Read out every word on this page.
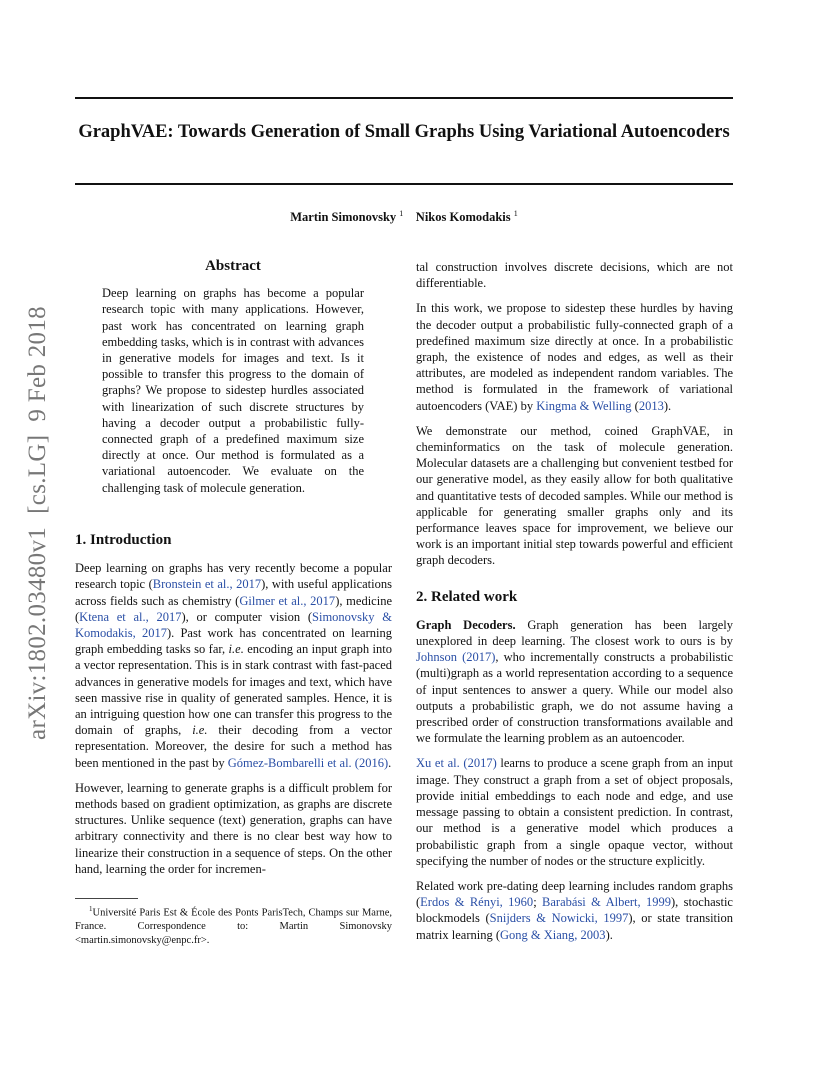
GraphVAE: Towards Generation of Small Graphs Using Variational Autoencoders
Martin Simonovsky $^1$ Nikos Komodakis $^1$
arXiv:1802.03480v1  [cs.LG]  9 Feb 2018
Abstract

Deep learning on graphs has become a popular research topic with many applications. However, past work has concentrated on learning graph embedding tasks, which is in contrast with advances in generative models for images and text. Is it possible to transfer this progress to the domain of graphs? We propose to sidestep hurdles associated with linearization of such discrete structures by having a decoder output a probabilistic fully-connected graph of a predefined maximum size directly at once. Our method is formulated as a variational autoencoder. We evaluate on the challenging task of molecule generation.

1. Introduction

Deep learning on graphs has very recently become a popular research topic (Bronstein et al., 2017), with useful applications across fields such as chemistry (Gilmer et al., 2017), medicine (Ktena et al., 2017), or computer vision (Simonovsky & Komodakis, 2017). Past work has concentrated on learning graph embedding tasks so far, i.e. encoding an input graph into a vector representation. This is in stark contrast with fast-paced advances in generative models for images and text, which have seen massive rise in quality of generated samples. Hence, it is an intriguing question how one can transfer this progress to the domain of graphs, i.e. their decoding from a vector representation. Moreover, the desire for such a method has been mentioned in the past by Gómez-Bombarelli et al. (2016).

However, learning to generate graphs is a difficult problem for methods based on gradient optimization, as graphs are discrete structures. Unlike sequence (text) generation, graphs can have arbitrary connectivity and there is no clear best way how to linearize their construction in a sequence of steps. On the other hand, learning the order for incremen-

$^1$Université Paris Est & École des Ponts ParisTech, Champs sur Marne, France. Correspondence to: Martin Simonovsky <martin.simonovsky@enpc.fr>.

tal construction involves discrete decisions, which are not differentiable.

In this work, we propose to sidestep these hurdles by having the decoder output a probabilistic fully-connected graph of a predefined maximum size directly at once. In a probabilistic graph, the existence of nodes and edges, as well as their attributes, are modeled as independent random variables. The method is formulated in the framework of variational autoencoders (VAE) by Kingma & Welling (2013).

We demonstrate our method, coined GraphVAE, in cheminformatics on the task of molecule generation. Molecular datasets are a challenging but convenient testbed for our generative model, as they easily allow for both qualitative and quantitative tests of decoded samples. While our method is applicable for generating smaller graphs only and its performance leaves space for improvement, we believe our work is an important initial step towards powerful and efficient graph decoders.

2. Related work

Graph Decoders. Graph generation has been largely unexplored in deep learning. The closest work to ours is by Johnson (2017), who incrementally constructs a probabilistic (multi)graph as a world representation according to a sequence of input sentences to answer a query. While our model also outputs a probabilistic graph, we do not assume having a prescribed order of construction transformations available and we formulate the learning problem as an autoencoder.

Xu et al. (2017) learns to produce a scene graph from an input image. They construct a graph from a set of object proposals, provide initial embeddings to each node and edge, and use message passing to obtain a consistent prediction. In contrast, our method is a generative model which produces a probabilistic graph from a single opaque vector, without specifying the number of nodes or the structure explicitly.

Related work pre-dating deep learning includes random graphs (Erdos & Rényi, 1960; Barabási & Albert, 1999), stochastic blockmodels (Snijders & Nowicki, 1997), or state transition matrix learning (Gong & Xiang, 2003).
